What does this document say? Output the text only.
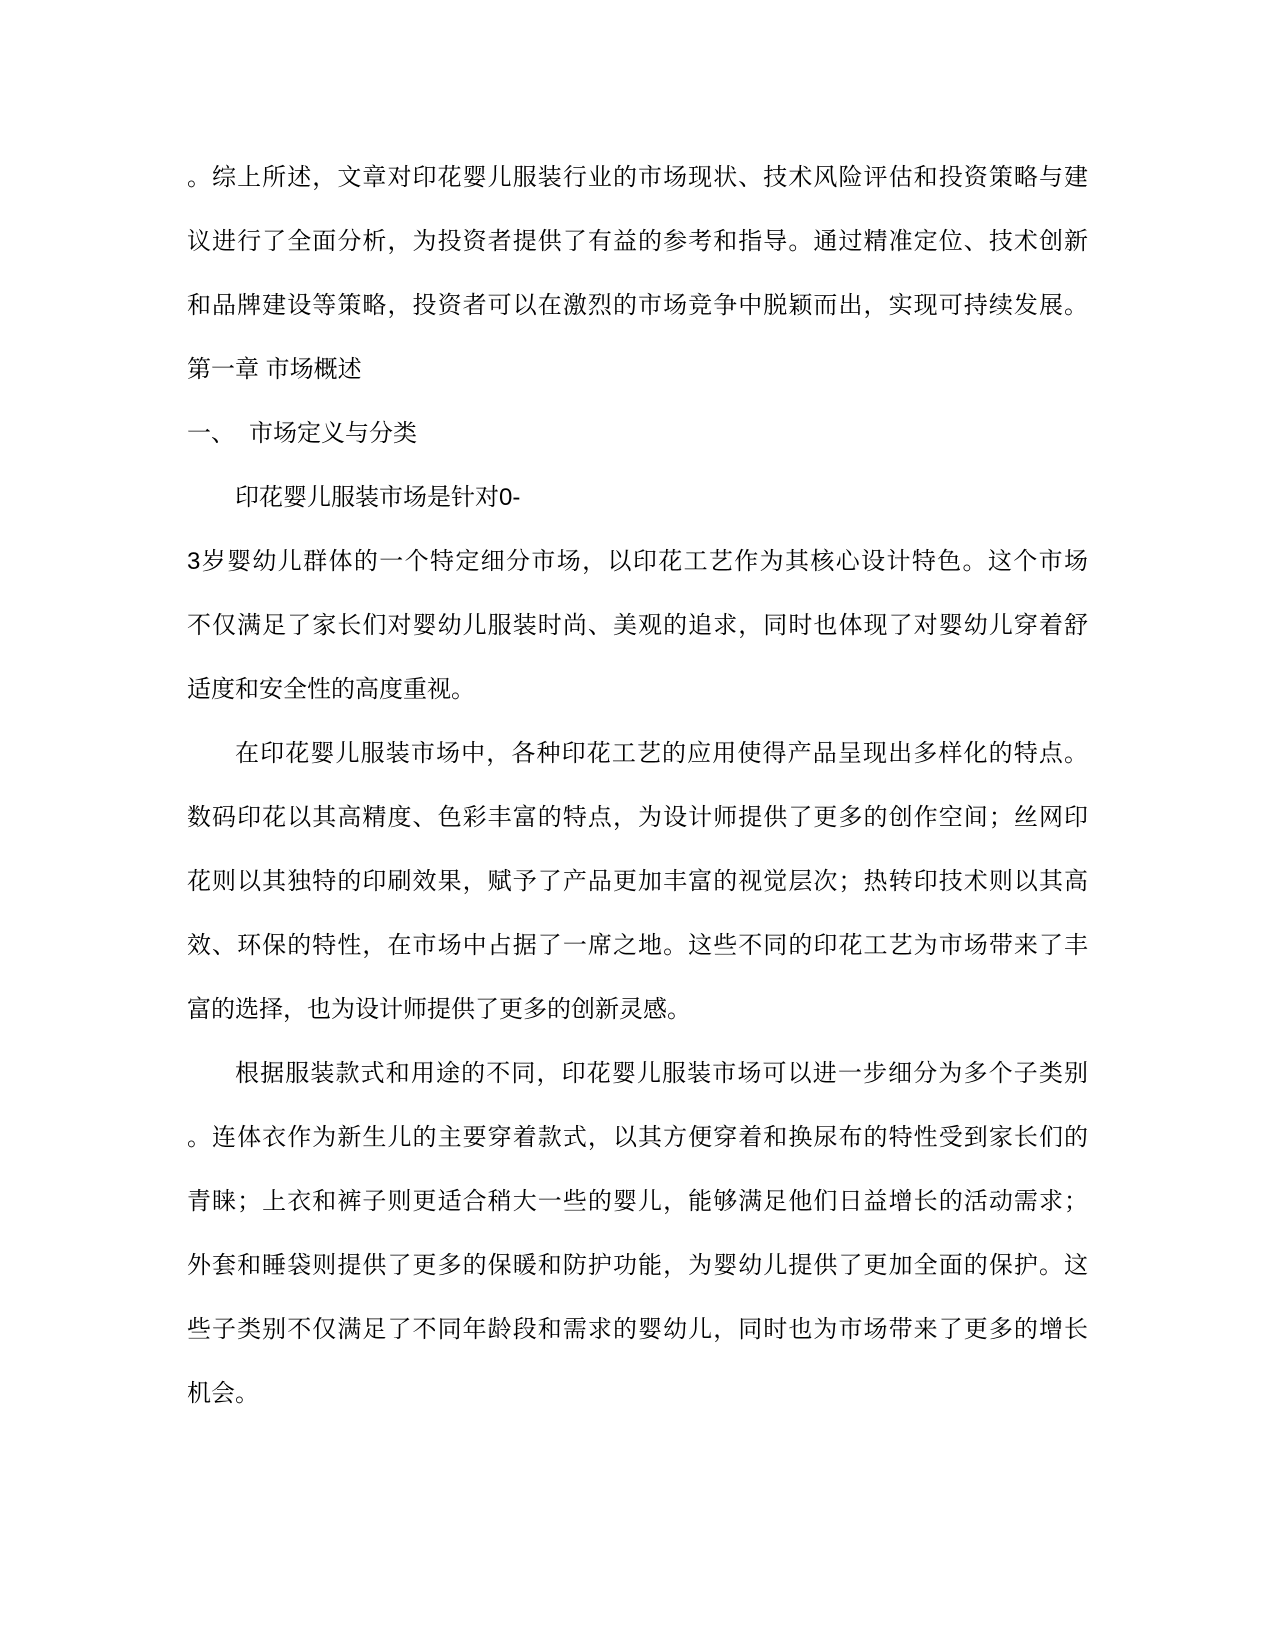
。综上所述，文章对印花婴儿服装行业的市场现状、技术风险评估和投资策略与建
议进行了全面分析，为投资者提供了有益的参考和指导。通过精准定位、技术创新
和品牌建设等策略，投资者可以在激烈的市场竞争中脱颖而出，实现可持续发展。
第一章 市场概述
一、 市场定义与分类
印花婴儿服装市场是针对0-
3岁婴幼儿群体的一个特定细分市场，以印花工艺作为其核心设计特色。这个市场
不仅满足了家长们对婴幼儿服装时尚、美观的追求，同时也体现了对婴幼儿穿着舒
适度和安全性的高度重视。
在印花婴儿服装市场中，各种印花工艺的应用使得产品呈现出多样化的特点。
数码印花以其高精度、色彩丰富的特点，为设计师提供了更多的创作空间；丝网印
花则以其独特的印刷效果，赋予了产品更加丰富的视觉层次；热转印技术则以其高
效、环保的特性，在市场中占据了一席之地。这些不同的印花工艺为市场带来了丰
富的选择，也为设计师提供了更多的创新灵感。
根据服装款式和用途的不同，印花婴儿服装市场可以进一步细分为多个子类别
。连体衣作为新生儿的主要穿着款式，以其方便穿着和换尿布的特性受到家长们的
青睐；上衣和裤子则更适合稍大一些的婴儿，能够满足他们日益增长的活动需求；
外套和睡袋则提供了更多的保暖和防护功能，为婴幼儿提供了更加全面的保护。这
些子类别不仅满足了不同年龄段和需求的婴幼儿，同时也为市场带来了更多的增长
机会。
